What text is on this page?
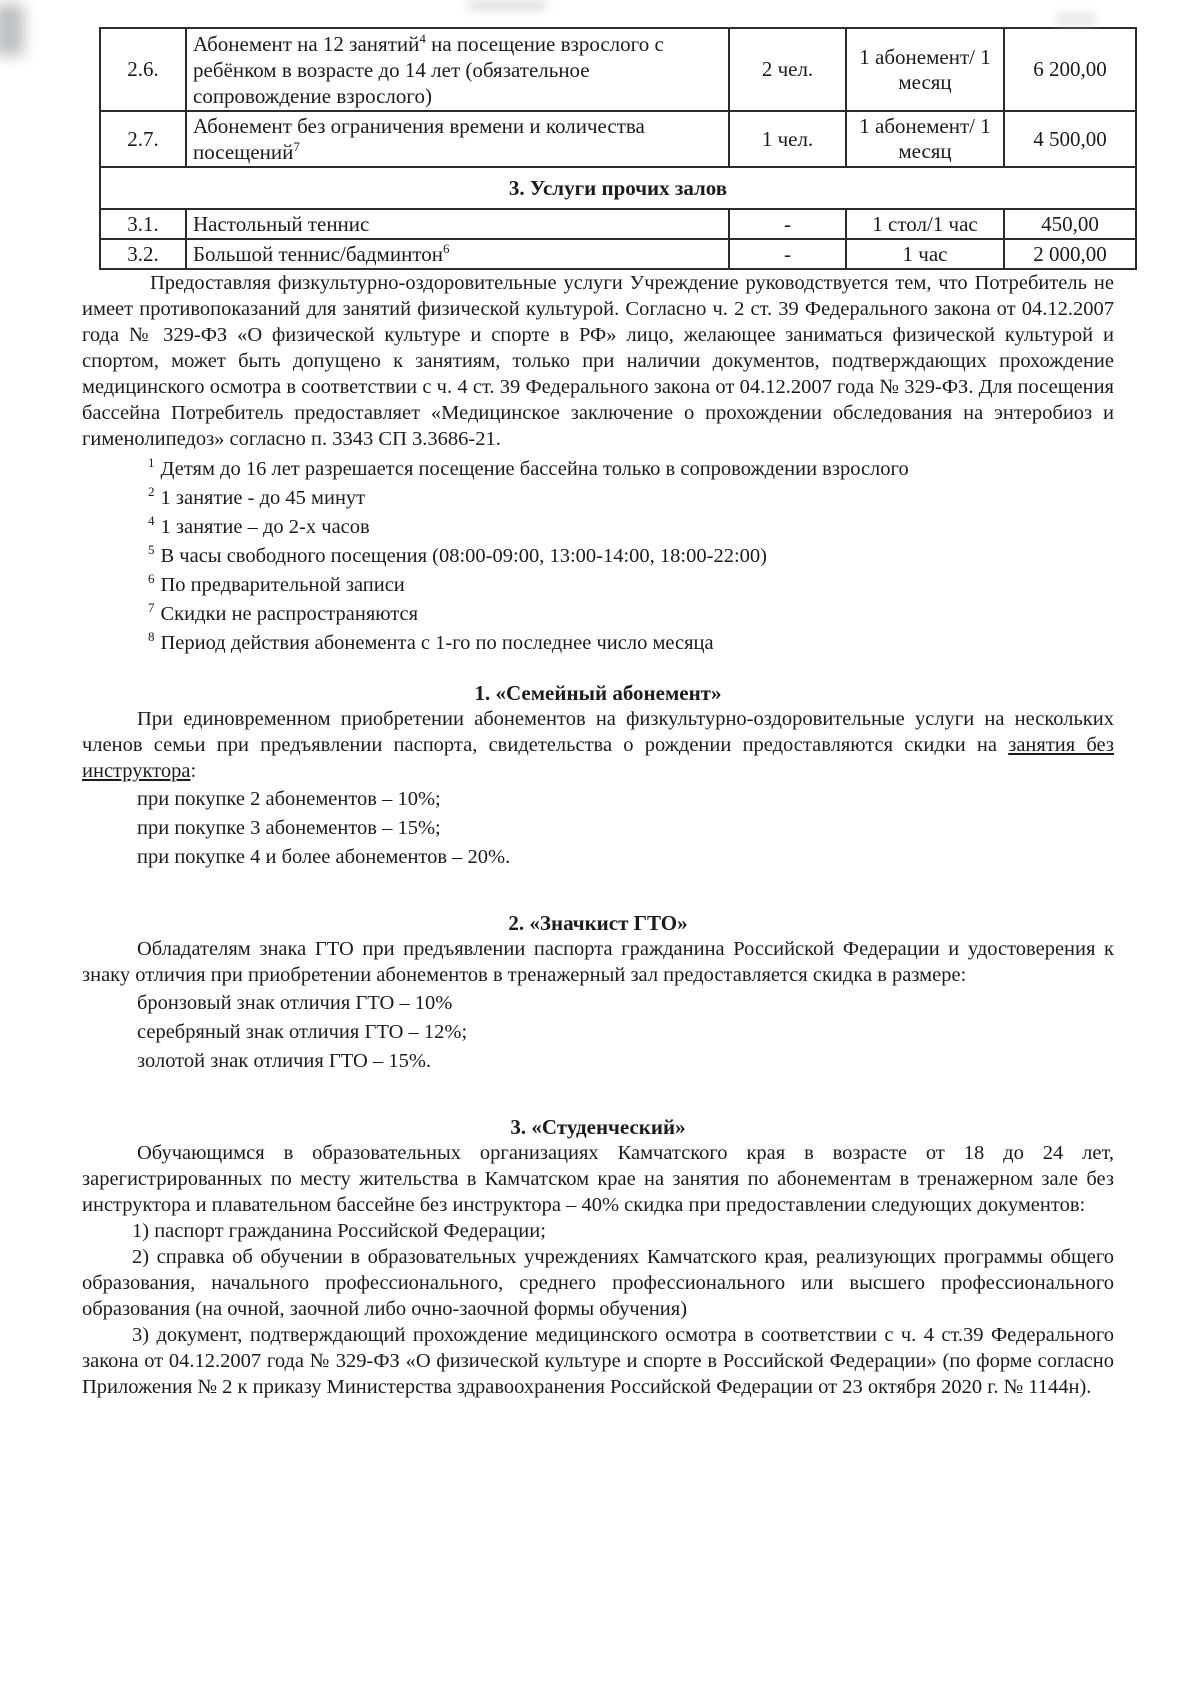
2.6.	Абонемент на 12 занятий$^4$ на посещение взрослого с ребёнком в возрасте до 14 лет (обязательное сопровождение взрослого)	2 чел.	1 абонемент/ 1 месяц	6 200,00
2.7.	Абонемент без ограничения времени и количества посещений$^7$	1 чел.	1 абонемент/ 1 месяц	4 500,00
3. Услуги прочих залов				
3.1.	Настольный теннис	-	1 стол/1 час	450,00
3.2.	Большой теннис/бадминтон$^6$	-	1 час	2 000,00

Предоставляя физкультурно-оздоровительные услуги Учреждение руководствуется тем, что Потребитель не имеет противопоказаний для занятий физической культурой. Согласно ч. 2 ст. 39 Федерального закона от 04.12.2007 года № 329-ФЗ «О физической культуре и спорте в РФ» лицо, желающее заниматься физической культурой и спортом, может быть допущено к занятиям, только при наличии документов, подтверждающих прохождение медицинского осмотра в соответствии с ч. 4 ст. 39 Федерального закона от 04.12.2007 года № 329-ФЗ. Для посещения бассейна Потребитель предоставляет «Медицинское заключение о прохождении обследования на энтеробиоз и гименолипедоз» согласно п. 3343 СП 3.3686-21.

$^1$ Детям до 16 лет разрешается посещение бассейна только в сопровождении взрослого
$^2$ 1 занятие - до 45 минут
$^4$ 1 занятие – до 2-х часов
$^5$ В часы свободного посещения (08:00-09:00, 13:00-14:00, 18:00-22:00)
$^6$ По предварительной записи
$^7$ Скидки не распространяются
$^8$ Период действия абонемента с 1-го по последнее число месяца

1. «Семейный абонемент»

При единовременном приобретении абонементов на физкультурно-оздоровительные услуги на нескольких членов семьи при предъявлении паспорта, свидетельства о рождении предоставляются скидки на занятия без инструктора:

при покупке 2 абонементов – 10%;
при покупке 3 абонементов – 15%;
при покупке 4 и более абонементов – 20%.

2. «Значкист ГТО»

Обладателям знака ГТО при предъявлении паспорта гражданина Российской Федерации и удостоверения к знаку отличия при приобретении абонементов в тренажерный зал предоставляется скидка в размере:

бронзовый знак отличия ГТО – 10%
серебряный знак отличия ГТО – 12%;
золотой знак отличия ГТО – 15%.

3. «Студенческий»

Обучающимся в образовательных организациях Камчатского края в возрасте от 18 до 24 лет, зарегистрированных по месту жительства в Камчатском крае на занятия по абонементам в тренажерном зале без инструктора и плавательном бассейне без инструктора – 40% скидка при предоставлении следующих документов:

1) паспорт гражданина Российской Федерации;

2) справка об обучении в образовательных учреждениях Камчатского края, реализующих программы общего образования, начального профессионального, среднего профессионального или высшего профессионального образования (на очной, заочной либо очно-заочной формы обучения)

3) документ, подтверждающий прохождение медицинского осмотра в соответствии с ч. 4 ст.39 Федерального закона от 04.12.2007 года № 329-ФЗ «О физической культуре и спорте в Российской Федерации» (по форме согласно Приложения № 2 к приказу Министерства здравоохранения Российской Федерации от 23 октября 2020 г. № 1144н).
